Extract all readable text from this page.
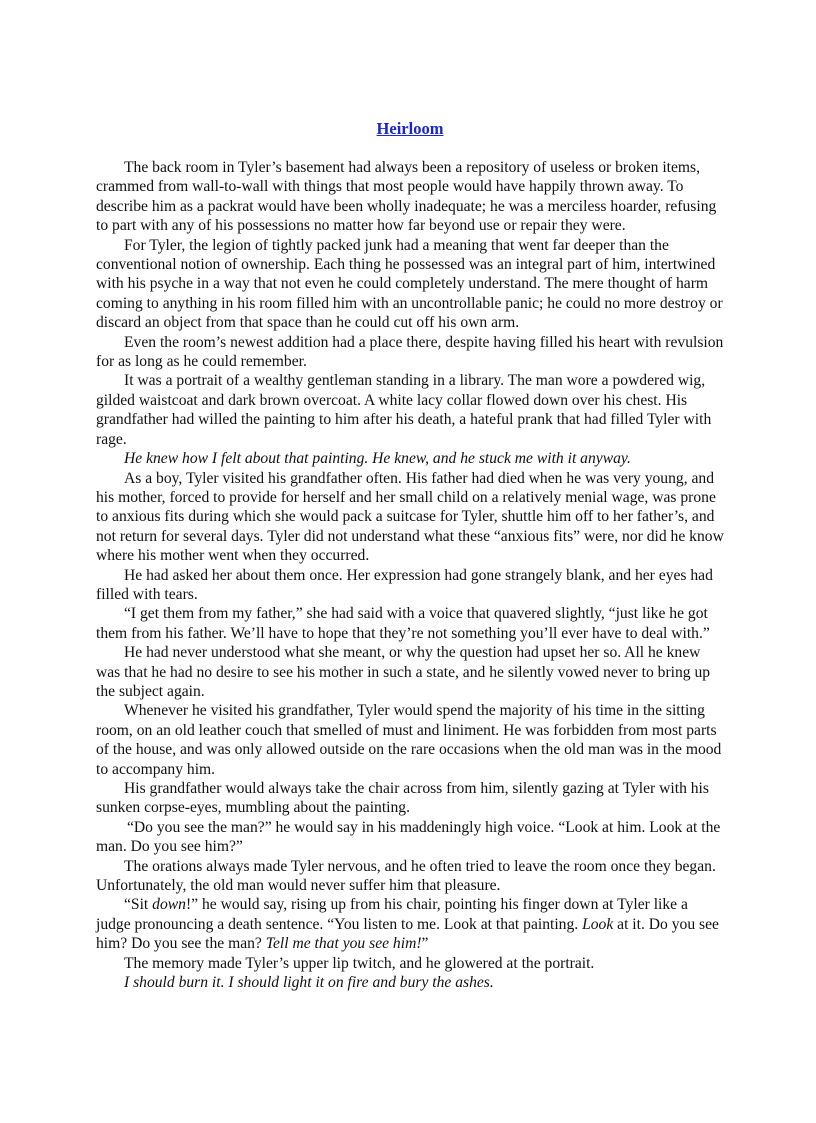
Heirloom

The back room in Tyler’s basement had always been a repository of useless or broken items, crammed from wall-to-wall with things that most people would have happily thrown away. To describe him as a packrat would have been wholly inadequate; he was a merciless hoarder, refusing to part with any of his possessions no matter how far beyond use or repair they were.

For Tyler, the legion of tightly packed junk had a meaning that went far deeper than the conventional notion of ownership. Each thing he possessed was an integral part of him, intertwined with his psyche in a way that not even he could completely understand. The mere thought of harm coming to anything in his room filled him with an uncontrollable panic; he could no more destroy or discard an object from that space than he could cut off his own arm.

Even the room’s newest addition had a place there, despite having filled his heart with revulsion for as long as he could remember.

It was a portrait of a wealthy gentleman standing in a library. The man wore a powdered wig, gilded waistcoat and dark brown overcoat. A white lacy collar flowed down over his chest. His grandfather had willed the painting to him after his death, a hateful prank that had filled Tyler with rage.

He knew how I felt about that painting. He knew, and he stuck me with it anyway.

As a boy, Tyler visited his grandfather often. His father had died when he was very young, and his mother, forced to provide for herself and her small child on a relatively menial wage, was prone to anxious fits during which she would pack a suitcase for Tyler, shuttle him off to her father’s, and not return for several days. Tyler did not understand what these “anxious fits” were, nor did he know where his mother went when they occurred.

He had asked her about them once. Her expression had gone strangely blank, and her eyes had filled with tears.

“I get them from my father,” she had said with a voice that quavered slightly, “just like he got them from his father. We’ll have to hope that they’re not something you’ll ever have to deal with.”

He had never understood what she meant, or why the question had upset her so. All he knew was that he had no desire to see his mother in such a state, and he silently vowed never to bring up the subject again.

Whenever he visited his grandfather, Tyler would spend the majority of his time in the sitting room, on an old leather couch that smelled of must and liniment. He was forbidden from most parts of the house, and was only allowed outside on the rare occasions when the old man was in the mood to accompany him.

His grandfather would always take the chair across from him, silently gazing at Tyler with his sunken corpse-eyes, mumbling about the painting.

“Do you see the man?” he would say in his maddeningly high voice. “Look at him. Look at the man. Do you see him?”

The orations always made Tyler nervous, and he often tried to leave the room once they began. Unfortunately, the old man would never suffer him that pleasure.

“Sit down!” he would say, rising up from his chair, pointing his finger down at Tyler like a judge pronouncing a death sentence. “You listen to me. Look at that painting. Look at it. Do you see him? Do you see the man? Tell me that you see him!”

The memory made Tyler’s upper lip twitch, and he glowered at the portrait.

I should burn it. I should light it on fire and bury the ashes.
